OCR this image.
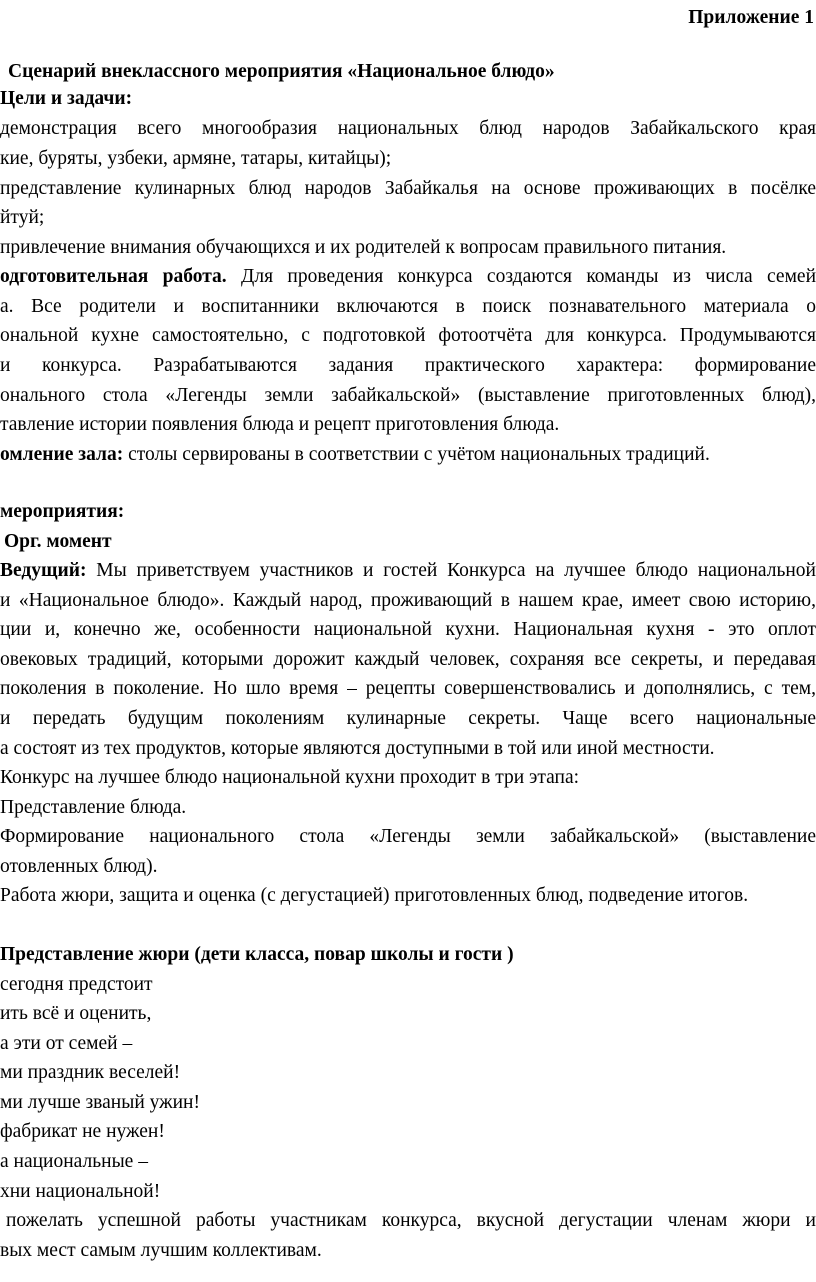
Приложение 1
Сценарий внеклассного мероприятия «Национальное блюдо»
Цели и задачи:
демонстрация всего многообразия национальных блюд народов Забайкальского края
кие, буряты, узбеки, армяне, татары, китайцы);
представление кулинарных блюд народов Забайкалья на основе проживающих в посёлке
йтуй;
привлечение внимания обучающихся и их родителей к вопросам правильного питания.
одготовительная работа. Для проведения конкурса создаются команды из числа семей
а. Все родители и воспитанники включаются в поиск познавательного материала о
ональной кухне самостоятельно, с подготовкой фотоотчёта для конкурса. Продумываются
и конкурса. Разрабатываются задания практического характера: формирование
онального стола «Легенды земли забайкальской» (выставление приготовленных блюд),
тавление истории появления блюда и рецепт приготовления блюда.
омление зала: столы сервированы в соответствии с учётом национальных традиций.
мероприятия:
Орг. момент
Ведущий: Мы приветствуем участников и гостей Конкурса на лучшее блюдо национальной
и «Национальное блюдо». Каждый народ, проживающий в нашем крае, имеет свою историю,
ции и, конечно же, особенности национальной кухни. Национальная кухня - это оплот
овековых традиций, которыми дорожит каждый человек, сохраняя все секреты, и передавая
поколения в поколение. Но шло время – рецепты совершенствовались и дополнялись, с тем,
и передать будущим поколениям кулинарные секреты. Чаще всего национальные
а состоят из тех продуктов, которые являются доступными в той или иной местности.
Конкурс на лучшее блюдо национальной кухни проходит в три этапа:
Представление блюда.
Формирование национального стола «Легенды земли забайкальской» (выставление
отовленных блюд).
Работа жюри, защита и оценка (с дегустацией) приготовленных блюд, подведение итогов.
Представление жюри (дети класса, повар школы и гости )
сегодня предстоит
ить всё и оценить,
а эти от семей –
ми праздник веселей!
ми лучше званый ужин!
фабрикат не нужен!
а национальные –
хни национальной!
пожелать успешной работы участникам конкурса, вкусной дегустации членам жюри и
вых мест самым лучшим коллективам.
